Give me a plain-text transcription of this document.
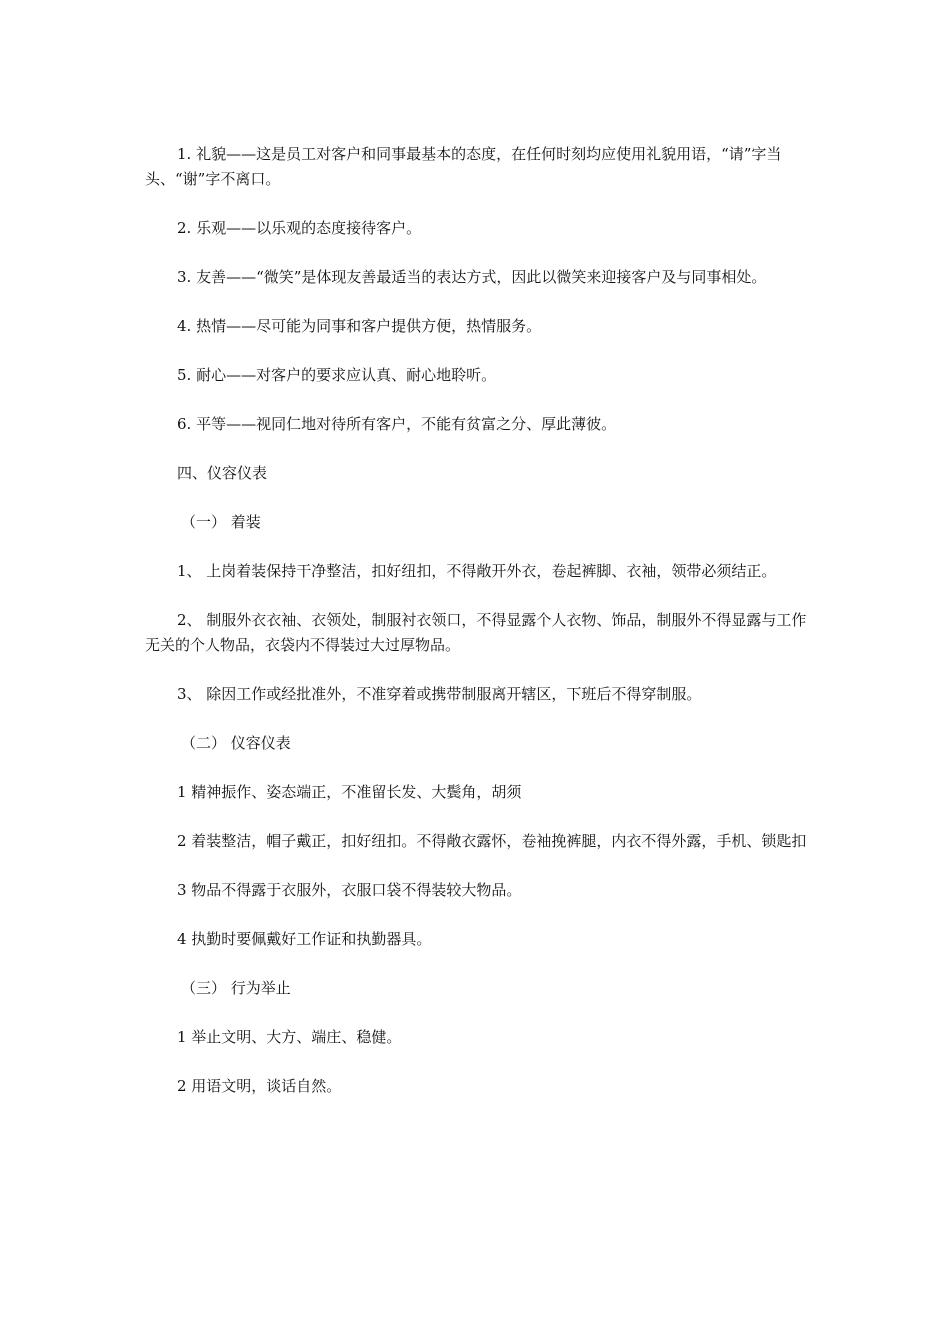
1. 礼貌——这是员工对客户和同事最基本的态度，在任何时刻均应使用礼貌用语，“请”字当头、“谢”字不离口。

2. 乐观——以乐观的态度接待客户。

3. 友善——“微笑”是体现友善最适当的表达方式，因此以微笑来迎接客户及与同事相处。

4. 热情——尽可能为同事和客户提供方便，热情服务。

5. 耐心——对客户的要求应认真、耐心地聆听。

6. 平等——视同仁地对待所有客户，不能有贫富之分、厚此薄彼。

四、仪容仪表

（一） 着装

1、 上岗着装保持干净整洁，扣好纽扣，不得敞开外衣，卷起裤脚、衣袖，领带必须结正。

2、 制服外衣衣袖、衣领处，制服衬衣领口，不得显露个人衣物、饰品，制服外不得显露与工作无关的个人物品，衣袋内不得装过大过厚物品。

3、 除因工作或经批准外，不准穿着或携带制服离开辖区，下班后不得穿制服。

（二） 仪容仪表

1 精神振作、姿态端正，不准留长发、大鬓角，胡须

2 着装整洁，帽子戴正，扣好纽扣。不得敞衣露怀，卷袖挽裤腿，内衣不得外露，手机、锁匙扣

3 物品不得露于衣服外，衣服口袋不得装较大物品。

4 执勤时要佩戴好工作证和执勤器具。

（三） 行为举止

1 举止文明、大方、端庄、稳健。

2 用语文明，谈话自然。
